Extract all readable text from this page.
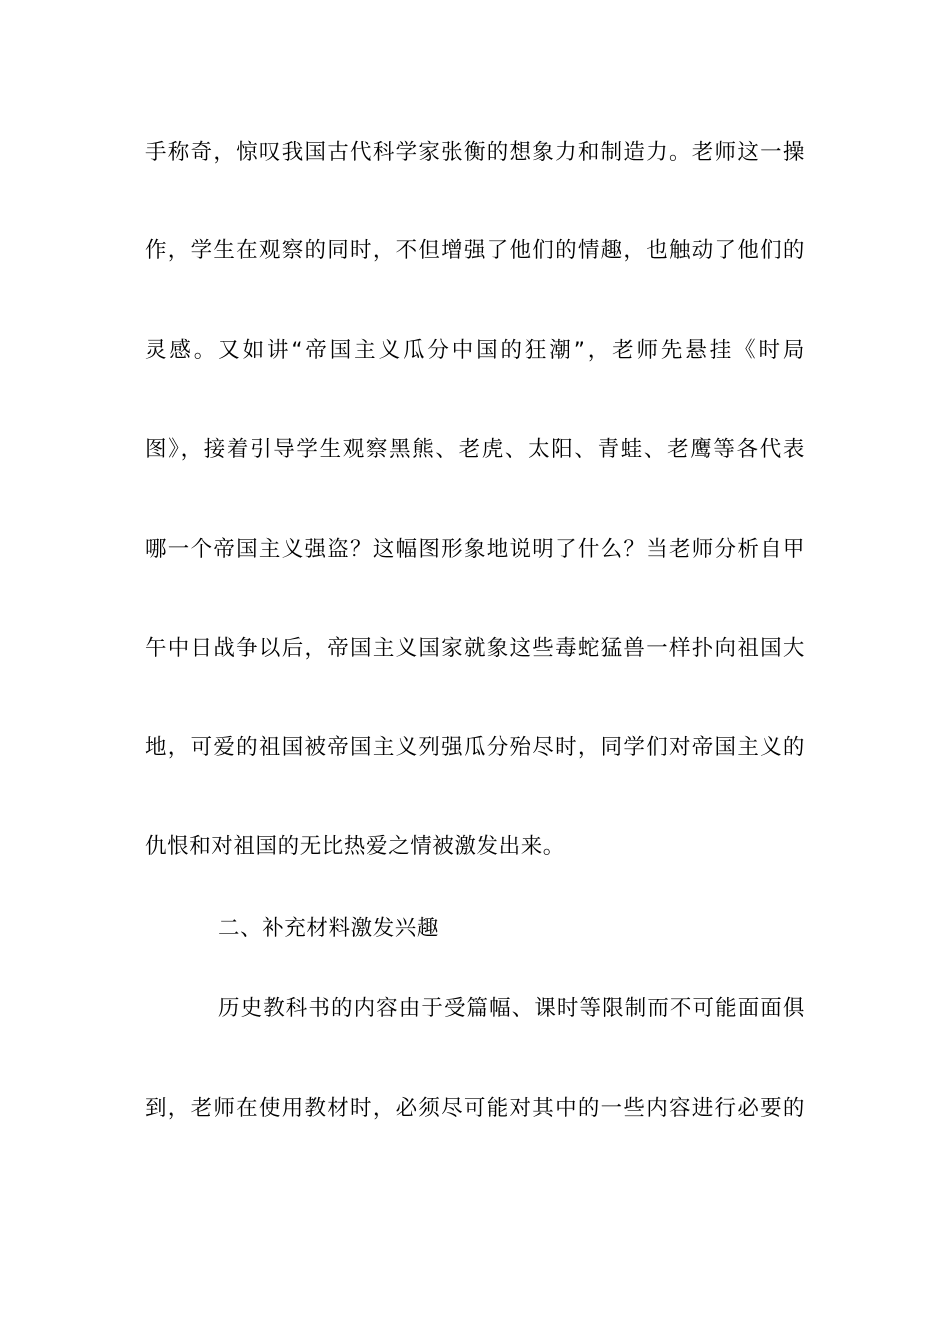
手称奇，惊叹我国古代科学家张衡的想象力和制造力。老师这一操
作，学生在观察的同时，不但增强了他们的情趣，也触动了他们的
灵感。又如讲“帝国主义瓜分中国的狂潮”，老师先悬挂《时局
图》，接着引导学生观察黑熊、老虎、太阳、青蛙、老鹰等各代表
哪一个帝国主义强盗？这幅图形象地说明了什么？当老师分析自甲
午中日战争以后，帝国主义国家就象这些毒蛇猛兽一样扑向祖国大
地，可爱的祖国被帝国主义列强瓜分殆尽时，同学们对帝国主义的
仇恨和对祖国的无比热爱之情被激发出来。
二、补充材料激发兴趣
历史教科书的内容由于受篇幅、课时等限制而不可能面面俱
到，老师在使用教材时，必须尽可能对其中的一些内容进行必要的
